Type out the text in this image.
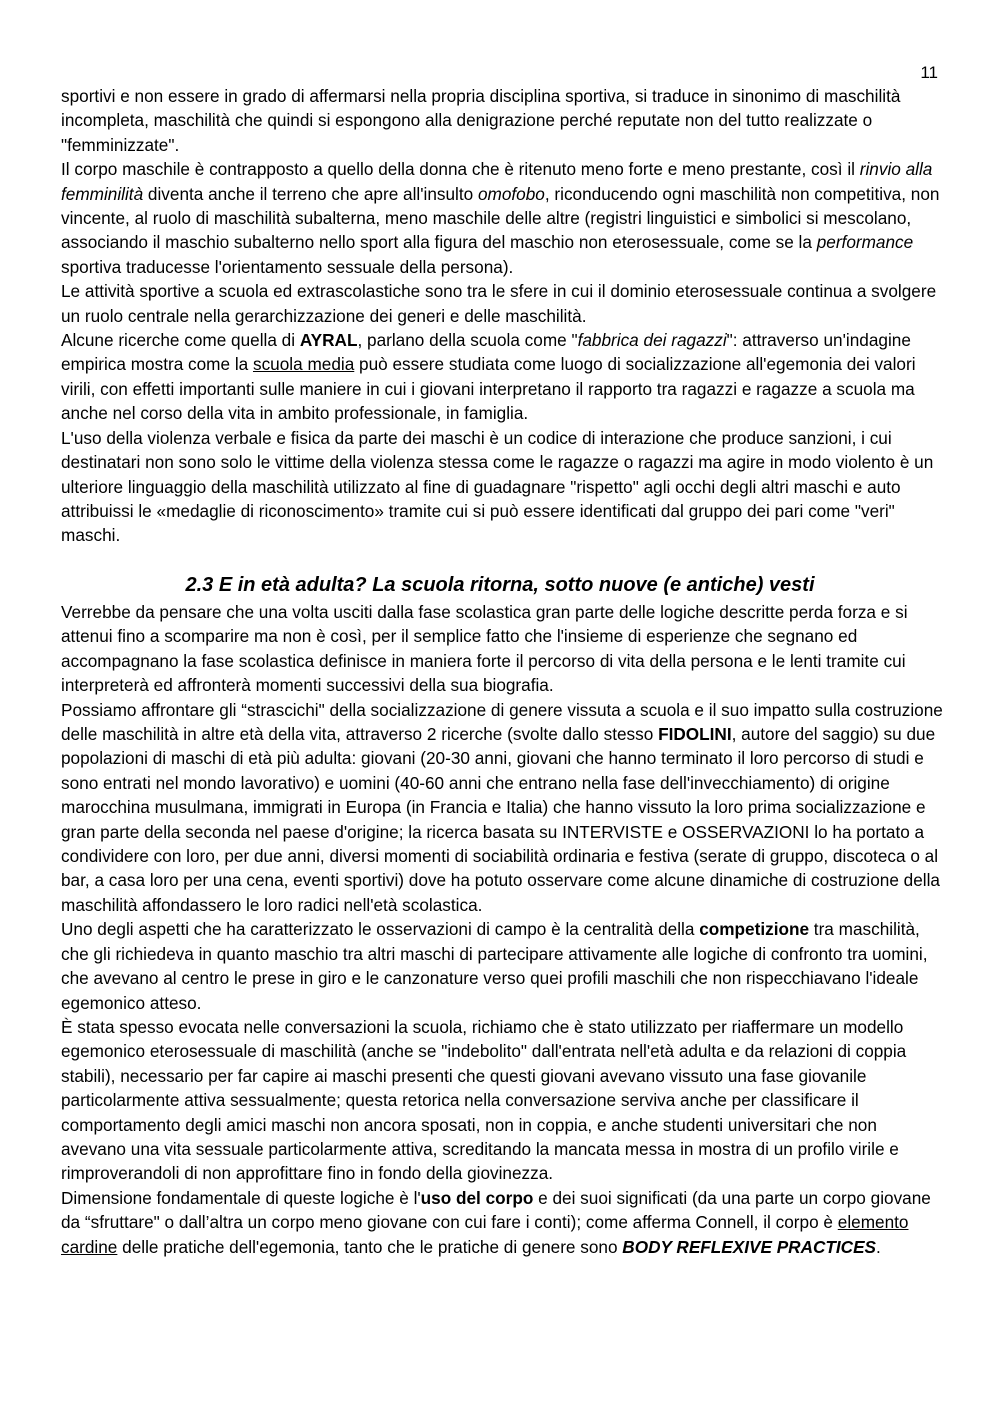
11

sportivi e non essere in grado di affermarsi nella propria disciplina sportiva, si traduce in sinonimo di maschilità incompleta, maschilità che quindi si espongono alla denigrazione perché reputate non del tutto realizzate o "femminizzate".

Il corpo maschile è contrapposto a quello della donna che è ritenuto meno forte e meno prestante, così il rinvio alla femminilità diventa anche il terreno che apre all'insulto omofobo, riconducendo ogni maschilità non competitiva, non vincente, al ruolo di maschilità subalterna, meno maschile delle altre (registri linguistici e simbolici si mescolano, associando il maschio subalterno nello sport alla figura del maschio non eterosessuale, come se la performance sportiva traducesse l'orientamento sessuale della persona).

Le attività sportive a scuola ed extrascolastiche sono tra le sfere in cui il dominio eterosessuale continua a svolgere un ruolo centrale nella gerarchizzazione dei generi e delle maschilità.

Alcune ricerche come quella di AYRAL, parlano della scuola come "fabbrica dei ragazzi": attraverso un'indagine empirica mostra come la scuola media può essere studiata come luogo di socializzazione all'egemonia dei valori virili, con effetti importanti sulle maniere in cui i giovani interpretano il rapporto tra ragazzi e ragazze a scuola ma anche nel corso della vita in ambito professionale, in famiglia.

L'uso della violenza verbale e fisica da parte dei maschi è un codice di interazione che produce sanzioni, i cui destinatari non sono solo le vittime della violenza stessa come le ragazze o ragazzi ma agire in modo violento è un ulteriore linguaggio della maschilità utilizzato al fine di guadagnare "rispetto" agli occhi degli altri maschi e auto attribuissi le «medaglie di riconoscimento» tramite cui si può essere identificati dal gruppo dei pari come "veri" maschi.

2.3 E in età adulta? La scuola ritorna, sotto nuove (e antiche) vesti

Verrebbe da pensare che una volta usciti dalla fase scolastica gran parte delle logiche descritte perda forza e si attenui fino a scomparire ma non è così, per il semplice fatto che l'insieme di esperienze che segnano ed accompagnano la fase scolastica definisce in maniera forte il percorso di vita della persona e le lenti tramite cui interpreterà ed affronterà momenti successivi della sua biografia.

Possiamo affrontare gli “strascichi" della socializzazione di genere vissuta a scuola e il suo impatto sulla costruzione delle maschilità in altre età della vita, attraverso 2 ricerche (svolte dallo stesso FIDOLINI, autore del saggio) su due popolazioni di maschi di età più adulta: giovani (20-30 anni, giovani che hanno terminato il loro percorso di studi e sono entrati nel mondo lavorativo) e uomini (40-60 anni che entrano nella fase dell'invecchiamento) di origine marocchina musulmana, immigrati in Europa (in Francia e Italia) che hanno vissuto la loro prima socializzazione e gran parte della seconda nel paese d'origine; la ricerca basata su INTERVISTE e OSSERVAZIONI lo ha portato a condividere con loro, per due anni, diversi momenti di sociabilità ordinaria e festiva (serate di gruppo, discoteca o al bar, a casa loro per una cena, eventi sportivi) dove ha potuto osservare come alcune dinamiche di costruzione della maschilità affondassero le loro radici nell'età scolastica.

Uno degli aspetti che ha caratterizzato le osservazioni di campo è la centralità della competizione tra maschilità, che gli richiedeva in quanto maschio tra altri maschi di partecipare attivamente alle logiche di confronto tra uomini, che avevano al centro le prese in giro e le canzonature verso quei profili maschili che non rispecchiavano l'ideale egemonico atteso.

È stata spesso evocata nelle conversazioni la scuola, richiamo che è stato utilizzato per riaffermare un modello egemonico eterosessuale di maschilità (anche se "indebolito" dall'entrata nell'età adulta e da relazioni di coppia stabili), necessario per far capire ai maschi presenti che questi giovani avevano vissuto una fase giovanile particolarmente attiva sessualmente; questa retorica nella conversazione serviva anche per classificare il comportamento degli amici maschi non ancora sposati, non in coppia, e anche studenti universitari che non avevano una vita sessuale particolarmente attiva, screditando la mancata messa in mostra di un profilo virile e rimproverandoli di non approfittare fino in fondo della giovinezza.

Dimensione fondamentale di queste logiche è l'uso del corpo e dei suoi significati (da una parte un corpo giovane da “sfruttare" o dall’altra un corpo meno giovane con cui fare i conti); come afferma Connell, il corpo è elemento cardine delle pratiche dell'egemonia, tanto che le pratiche di genere sono BODY REFLEXIVE PRACTICES.
